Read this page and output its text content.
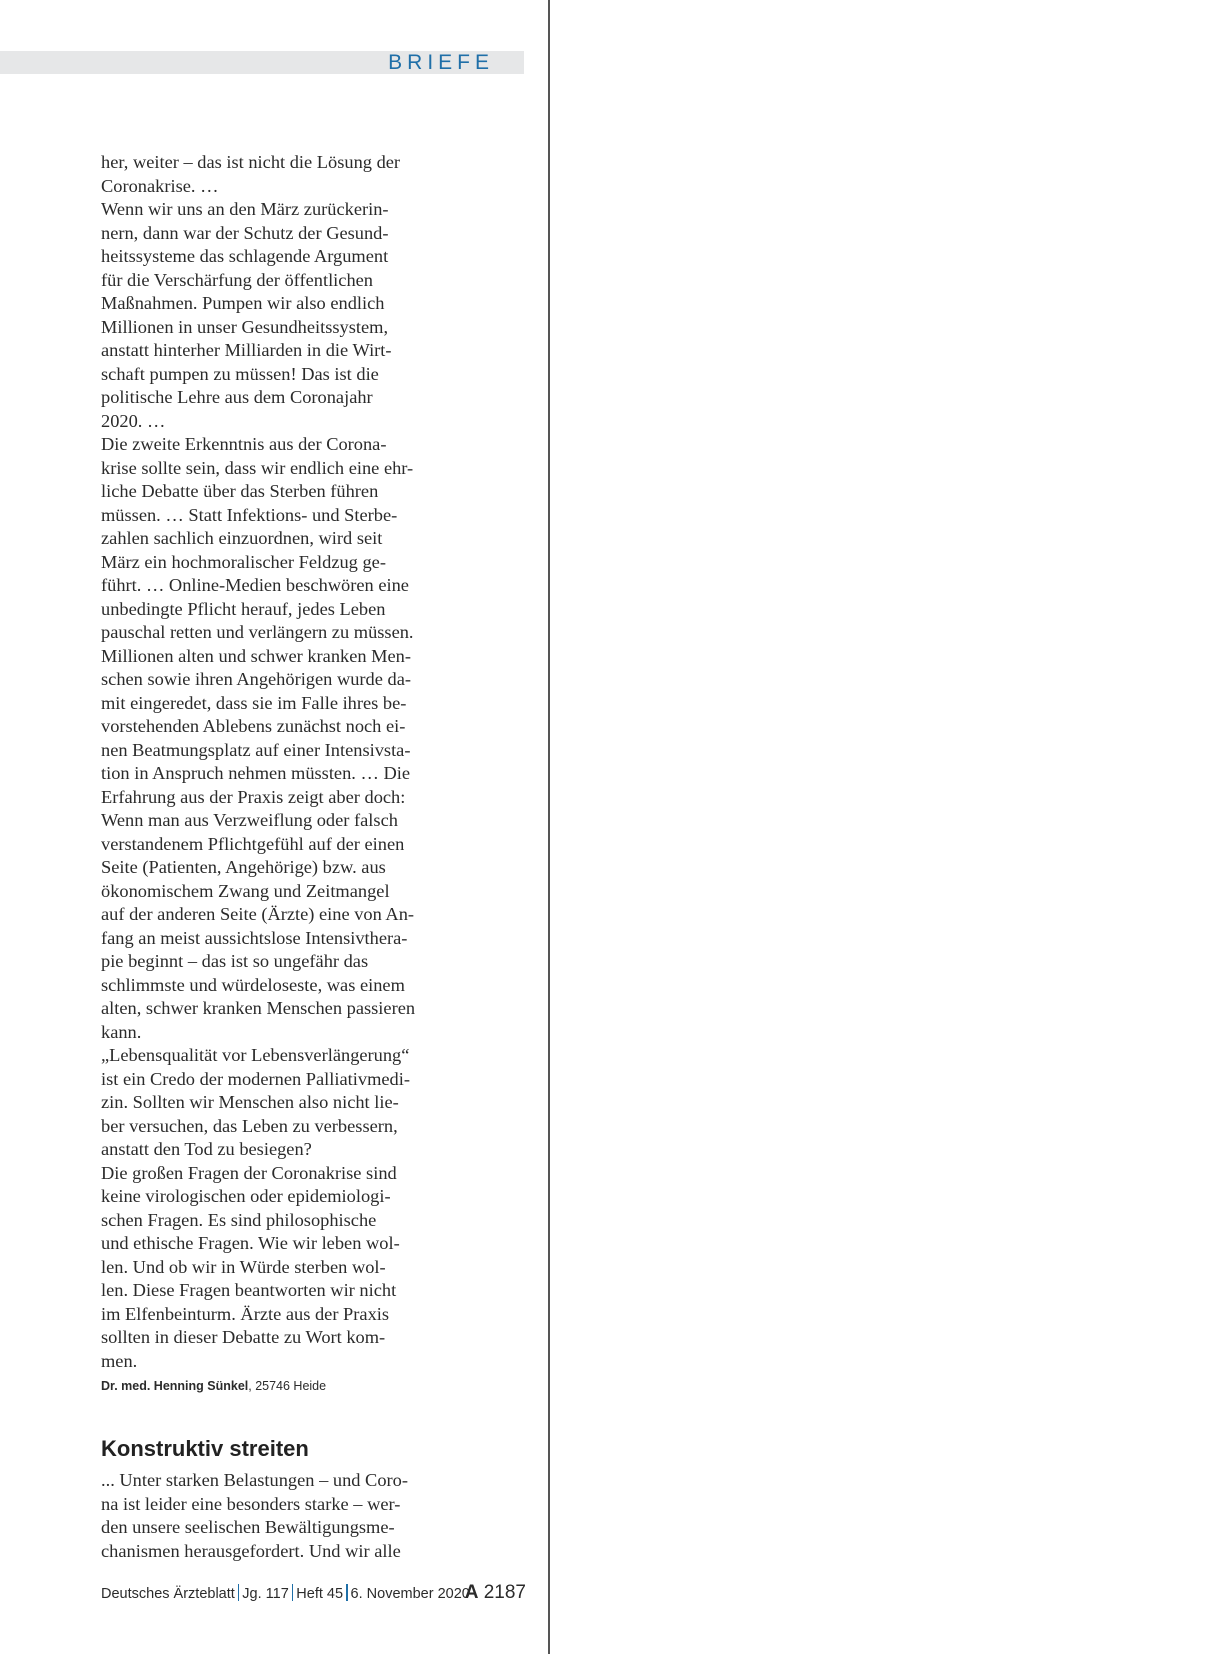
BRIEFE

her, weiter – das ist nicht die Lösung der
Coronakrise. …

Wenn wir uns an den März zurückerin-
nern, dann war der Schutz der Gesund-
heitssysteme das schlagende Argument
für die Verschärfung der öffentlichen
Maßnahmen. Pumpen wir also endlich
Millionen in unser Gesundheitssystem,
anstatt hinterher Milliarden in die Wirt-
schaft pumpen zu müssen! Das ist die
politische Lehre aus dem Coronajahr
2020. …

Die zweite Erkenntnis aus der Corona-
krise sollte sein, dass wir endlich eine ehr-
liche Debatte über das Sterben führen
müssen. … Statt Infektions- und Sterbe-
zahlen sachlich einzuordnen, wird seit
März ein hochmoralischer Feldzug ge-
führt. … Online-Medien beschwören eine
unbedingte Pflicht herauf, jedes Leben
pauschal retten und verlängern zu müssen.
Millionen alten und schwer kranken Men-
schen sowie ihren Angehörigen wurde da-
mit eingeredet, dass sie im Falle ihres be-
vorstehenden Ablebens zunächst noch ei-
nen Beatmungsplatz auf einer Intensivsta-
tion in Anspruch nehmen müssten. … Die
Erfahrung aus der Praxis zeigt aber doch:
Wenn man aus Verzweiflung oder falsch
verstandenem Pflichtgefühl auf der einen
Seite (Patienten, Angehörige) bzw. aus
ökonomischem Zwang und Zeitmangel
auf der anderen Seite (Ärzte) eine von An-
fang an meist aussichtslose Intensivthera-
pie beginnt – das ist so ungefähr das
schlimmste und würdeloseste, was einem
alten, schwer kranken Menschen passieren
kann.

„Lebensqualität vor Lebensverlängerung“
ist ein Credo der modernen Palliativmedi-
zin. Sollten wir Menschen also nicht lie-
ber versuchen, das Leben zu verbessern,
anstatt den Tod zu besiegen?

Die großen Fragen der Coronakrise sind
keine virologischen oder epidemiologi-
schen Fragen. Es sind philosophische
und ethische Fragen. Wie wir leben wol-
len. Und ob wir in Würde sterben wol-
len. Diese Fragen beantworten wir nicht
im Elfenbeinturm. Ärzte aus der Praxis
sollten in dieser Debatte zu Wort kom-
men.

Dr. med. Henning Sünkel, 25746 Heide

Konstruktiv streiten

... Unter starken Belastungen – und Coro-
na ist leider eine besonders starke – wer-
den unsere seelischen Bewältigungsme-
chanismen herausgefordert. Und wir alle

Deutsches Ärzteblatt Jg. 117 Heft 45 6. November 2020
A 2187
